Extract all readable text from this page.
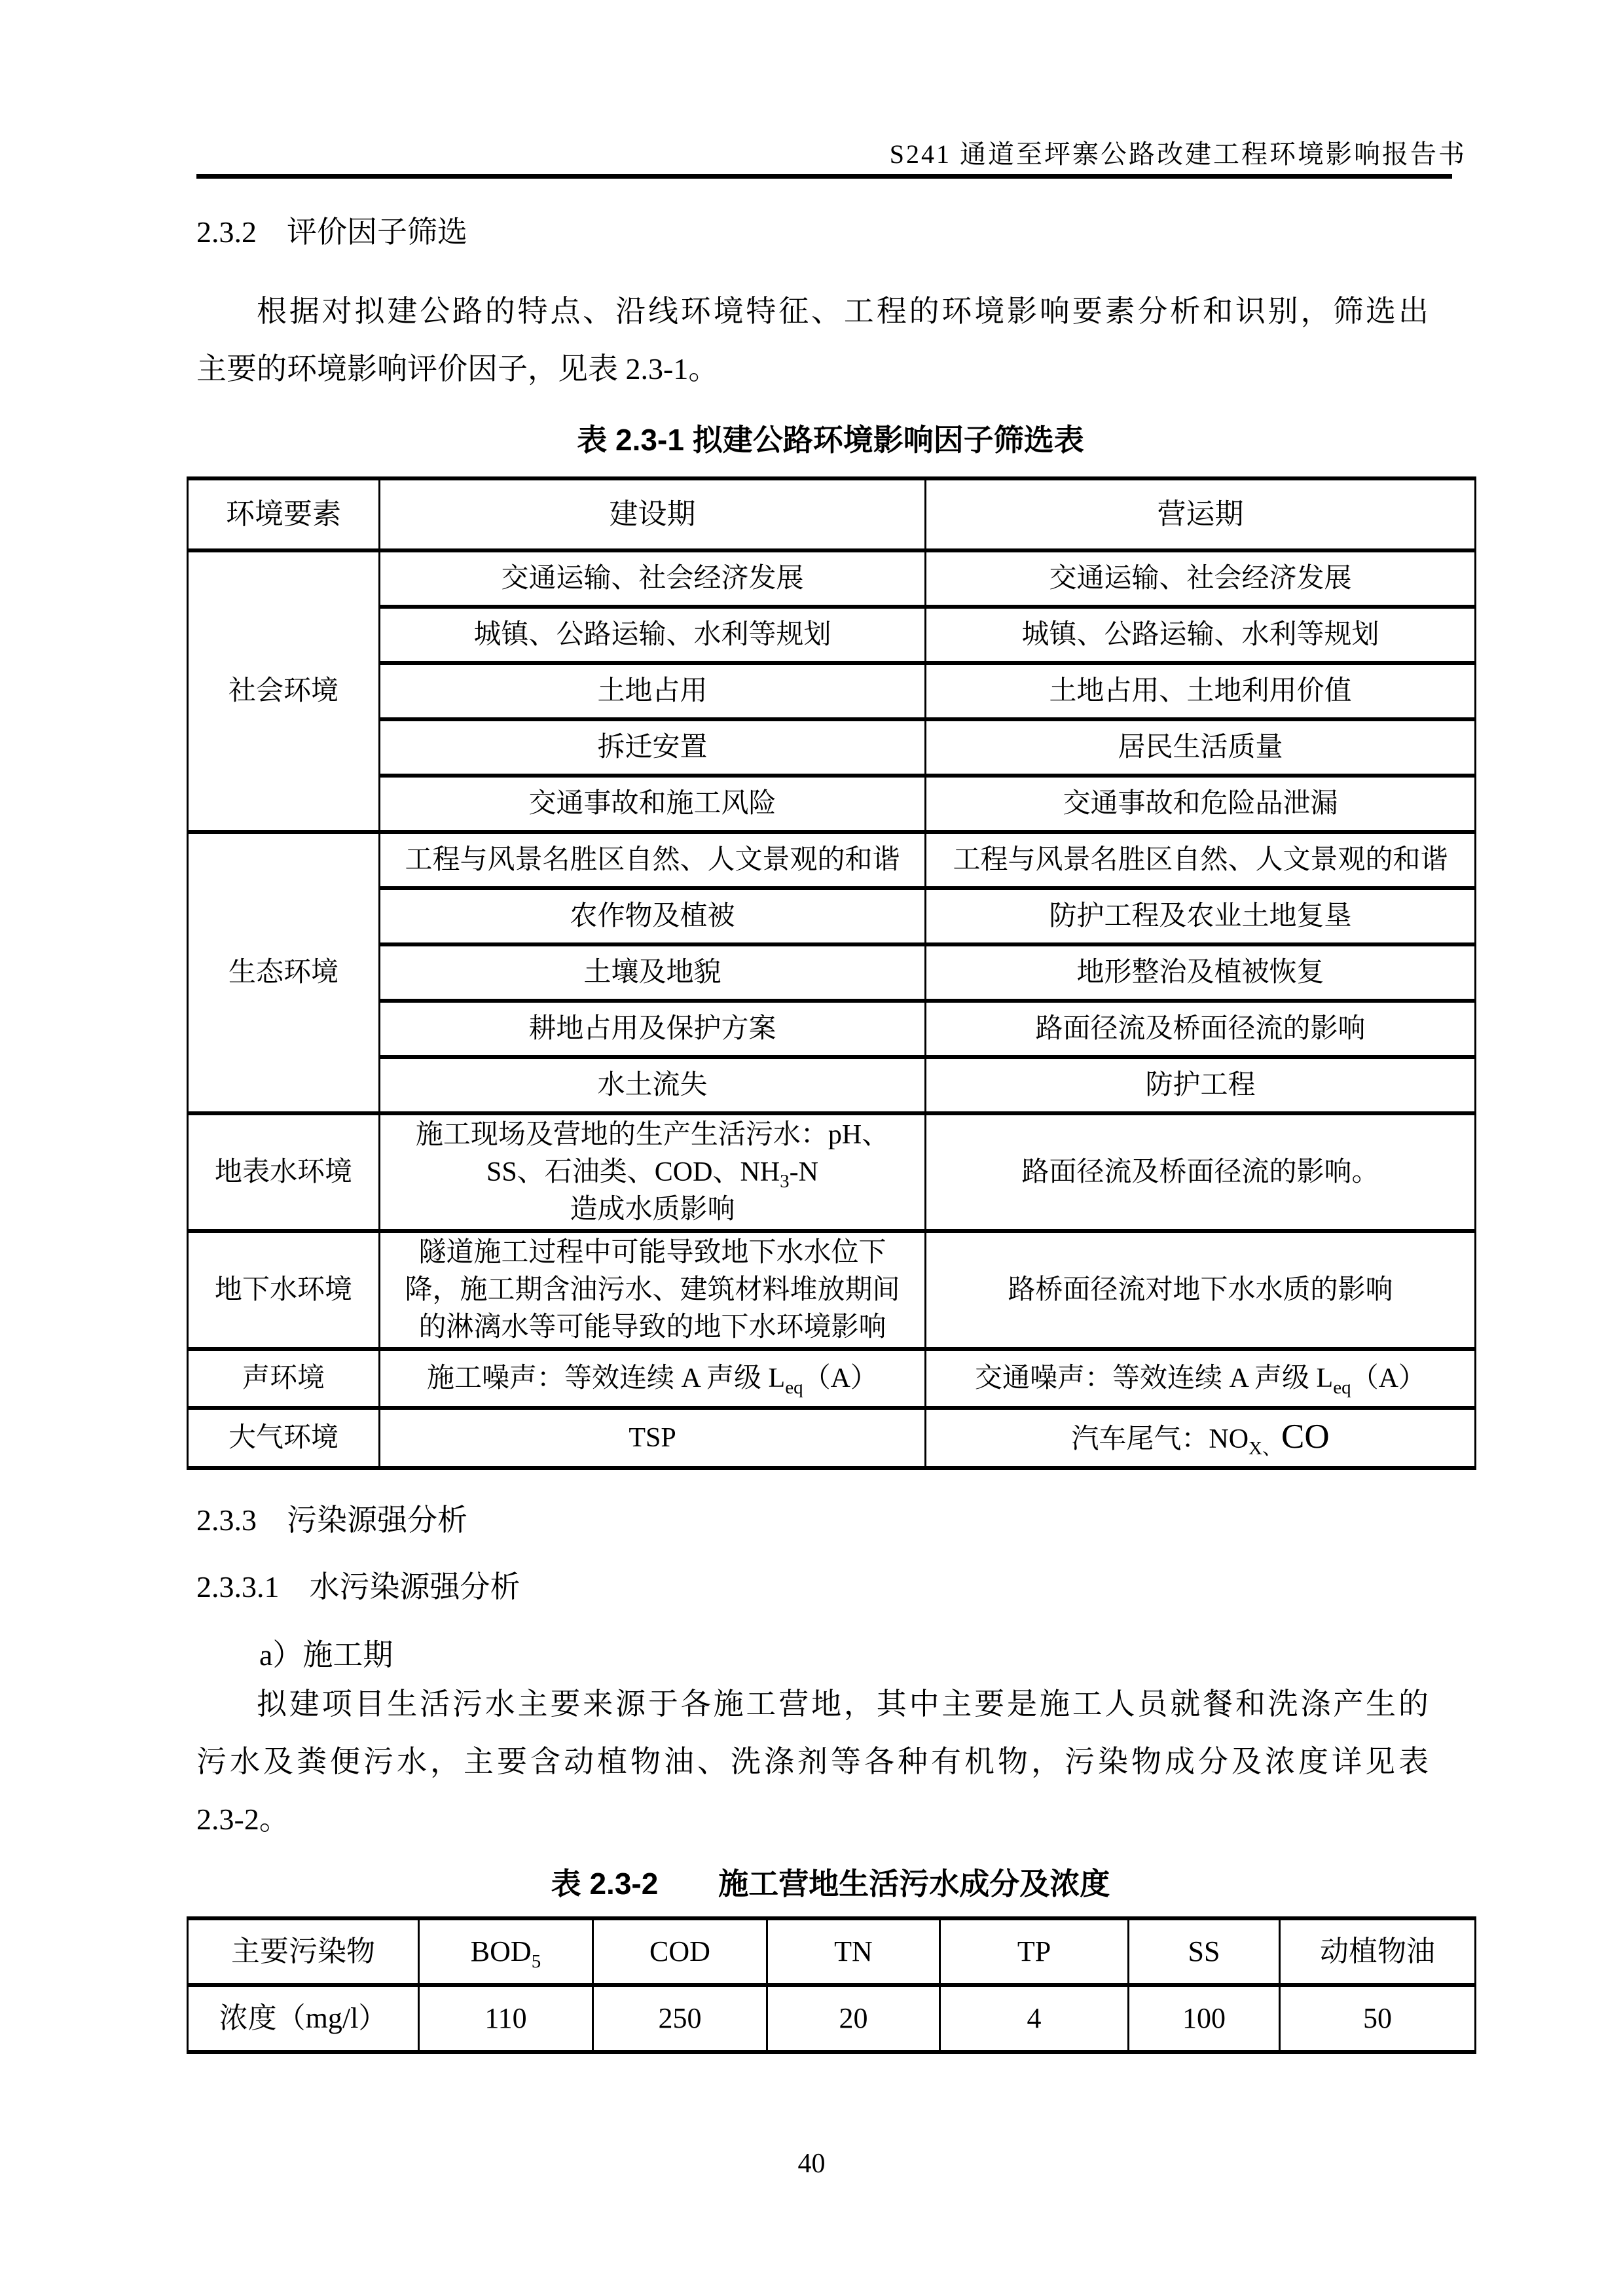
S241 通道至坪寨公路改建工程环境影响报告书
2.3.2　评价因子筛选
根据对拟建公路的特点、沿线环境特征、工程的环境影响要素分析和识别，筛选出
主要的环境影响评价因子，见表 2.3-1。
表 2.3-1 拟建公路环境影响因子筛选表
环境要素	建设期	营运期
社会环境	交通运输、社会经济发展	交通运输、社会经济发展
	城镇、公路运输、水利等规划	城镇、公路运输、水利等规划
	土地占用	土地占用、土地利用价值
	拆迁安置	居民生活质量
	交通事故和施工风险	交通事故和危险品泄漏
生态环境	工程与风景名胜区自然、人文景观的和谐	工程与风景名胜区自然、人文景观的和谐
	农作物及植被	防护工程及农业土地复垦
	土壤及地貌	地形整治及植被恢复
	耕地占用及保护方案	路面径流及桥面径流的影响
	水土流失	防护工程
地表水环境	施工现场及营地的生产生活污水：pH、
SS、石油类、COD、$NH_3-N$
造成水质影响	路面径流及桥面径流的影响。
地下水环境	隧道施工过程中可能导致地下水水位下
降，施工期含油污水、建筑材料堆放期间
的淋漓水等可能导致的地下水环境影响	路桥面径流对地下水水质的影响
声环境	施工噪声：等效连续 A 声级 $L_{eq}(A)$	交通噪声：等效连续 A 声级 $L_{eq}(A)$
大气环境	TSP	汽车尾气：$NO_{X、}CO$
2.3.3　污染源强分析
2.3.3.1　水污染源强分析
a）施工期
拟建项目生活污水主要来源于各施工营地，其中主要是施工人员就餐和洗涤产生的
污水及粪便污水，主要含动植物油、洗涤剂等各种有机物，污染物成分及浓度详见表
2.3-2。
表 2.3-2　　施工营地生活污水成分及浓度
主要污染物	$BOD_5$	COD	TN	TP	SS	动植物油
浓度（mg/l）	110	250	20	4	100	50
40
